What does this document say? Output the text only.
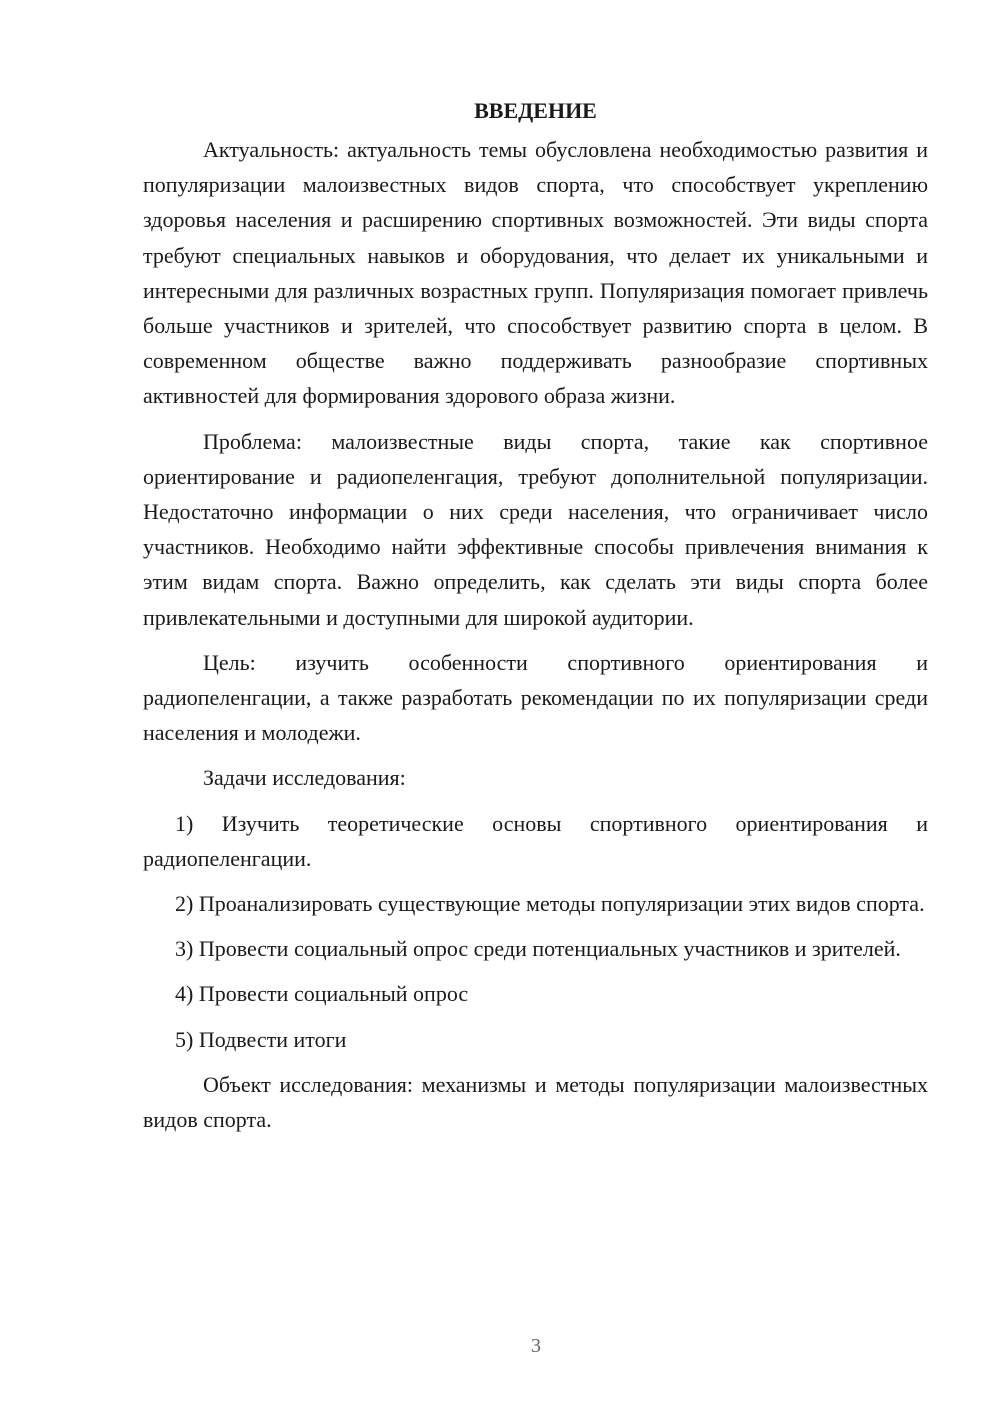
ВВЕДЕНИЕ

Актуальность: актуальность темы обусловлена необходимостью развития и популяризации малоизвестных видов спорта, что способствует укреплению здоровья населения и расширению спортивных возможностей. Эти виды спорта требуют специальных навыков и оборудования, что делает их уникальными и интересными для различных возрастных групп. Популяризация помогает привлечь больше участников и зрителей, что способствует развитию спорта в целом. В современном обществе важно поддерживать разнообразие спортивных активностей для формирования здорового образа жизни.

Проблема: малоизвестные виды спорта, такие как спортивное ориентирование и радиопеленгация, требуют дополнительной популяризации. Недостаточно информации о них среди населения, что ограничивает число участников. Необходимо найти эффективные способы привлечения внимания к этим видам спорта. Важно определить, как сделать эти виды спорта более привлекательными и доступными для широкой аудитории.

Цель: изучить особенности спортивного ориентирования и радиопеленгации, а также разработать рекомендации по их популяризации среди населения и молодежи.

Задачи исследования:

1) Изучить теоретические основы спортивного ориентирования и радиопеленгации.

2) Проанализировать существующие методы популяризации этих видов спорта.

3) Провести социальный опрос среди потенциальных участников и зрителей.

4) Провести социальный опрос

5) Подвести итоги

Объект исследования: механизмы и методы популяризации малоизвестных видов спорта.

3
